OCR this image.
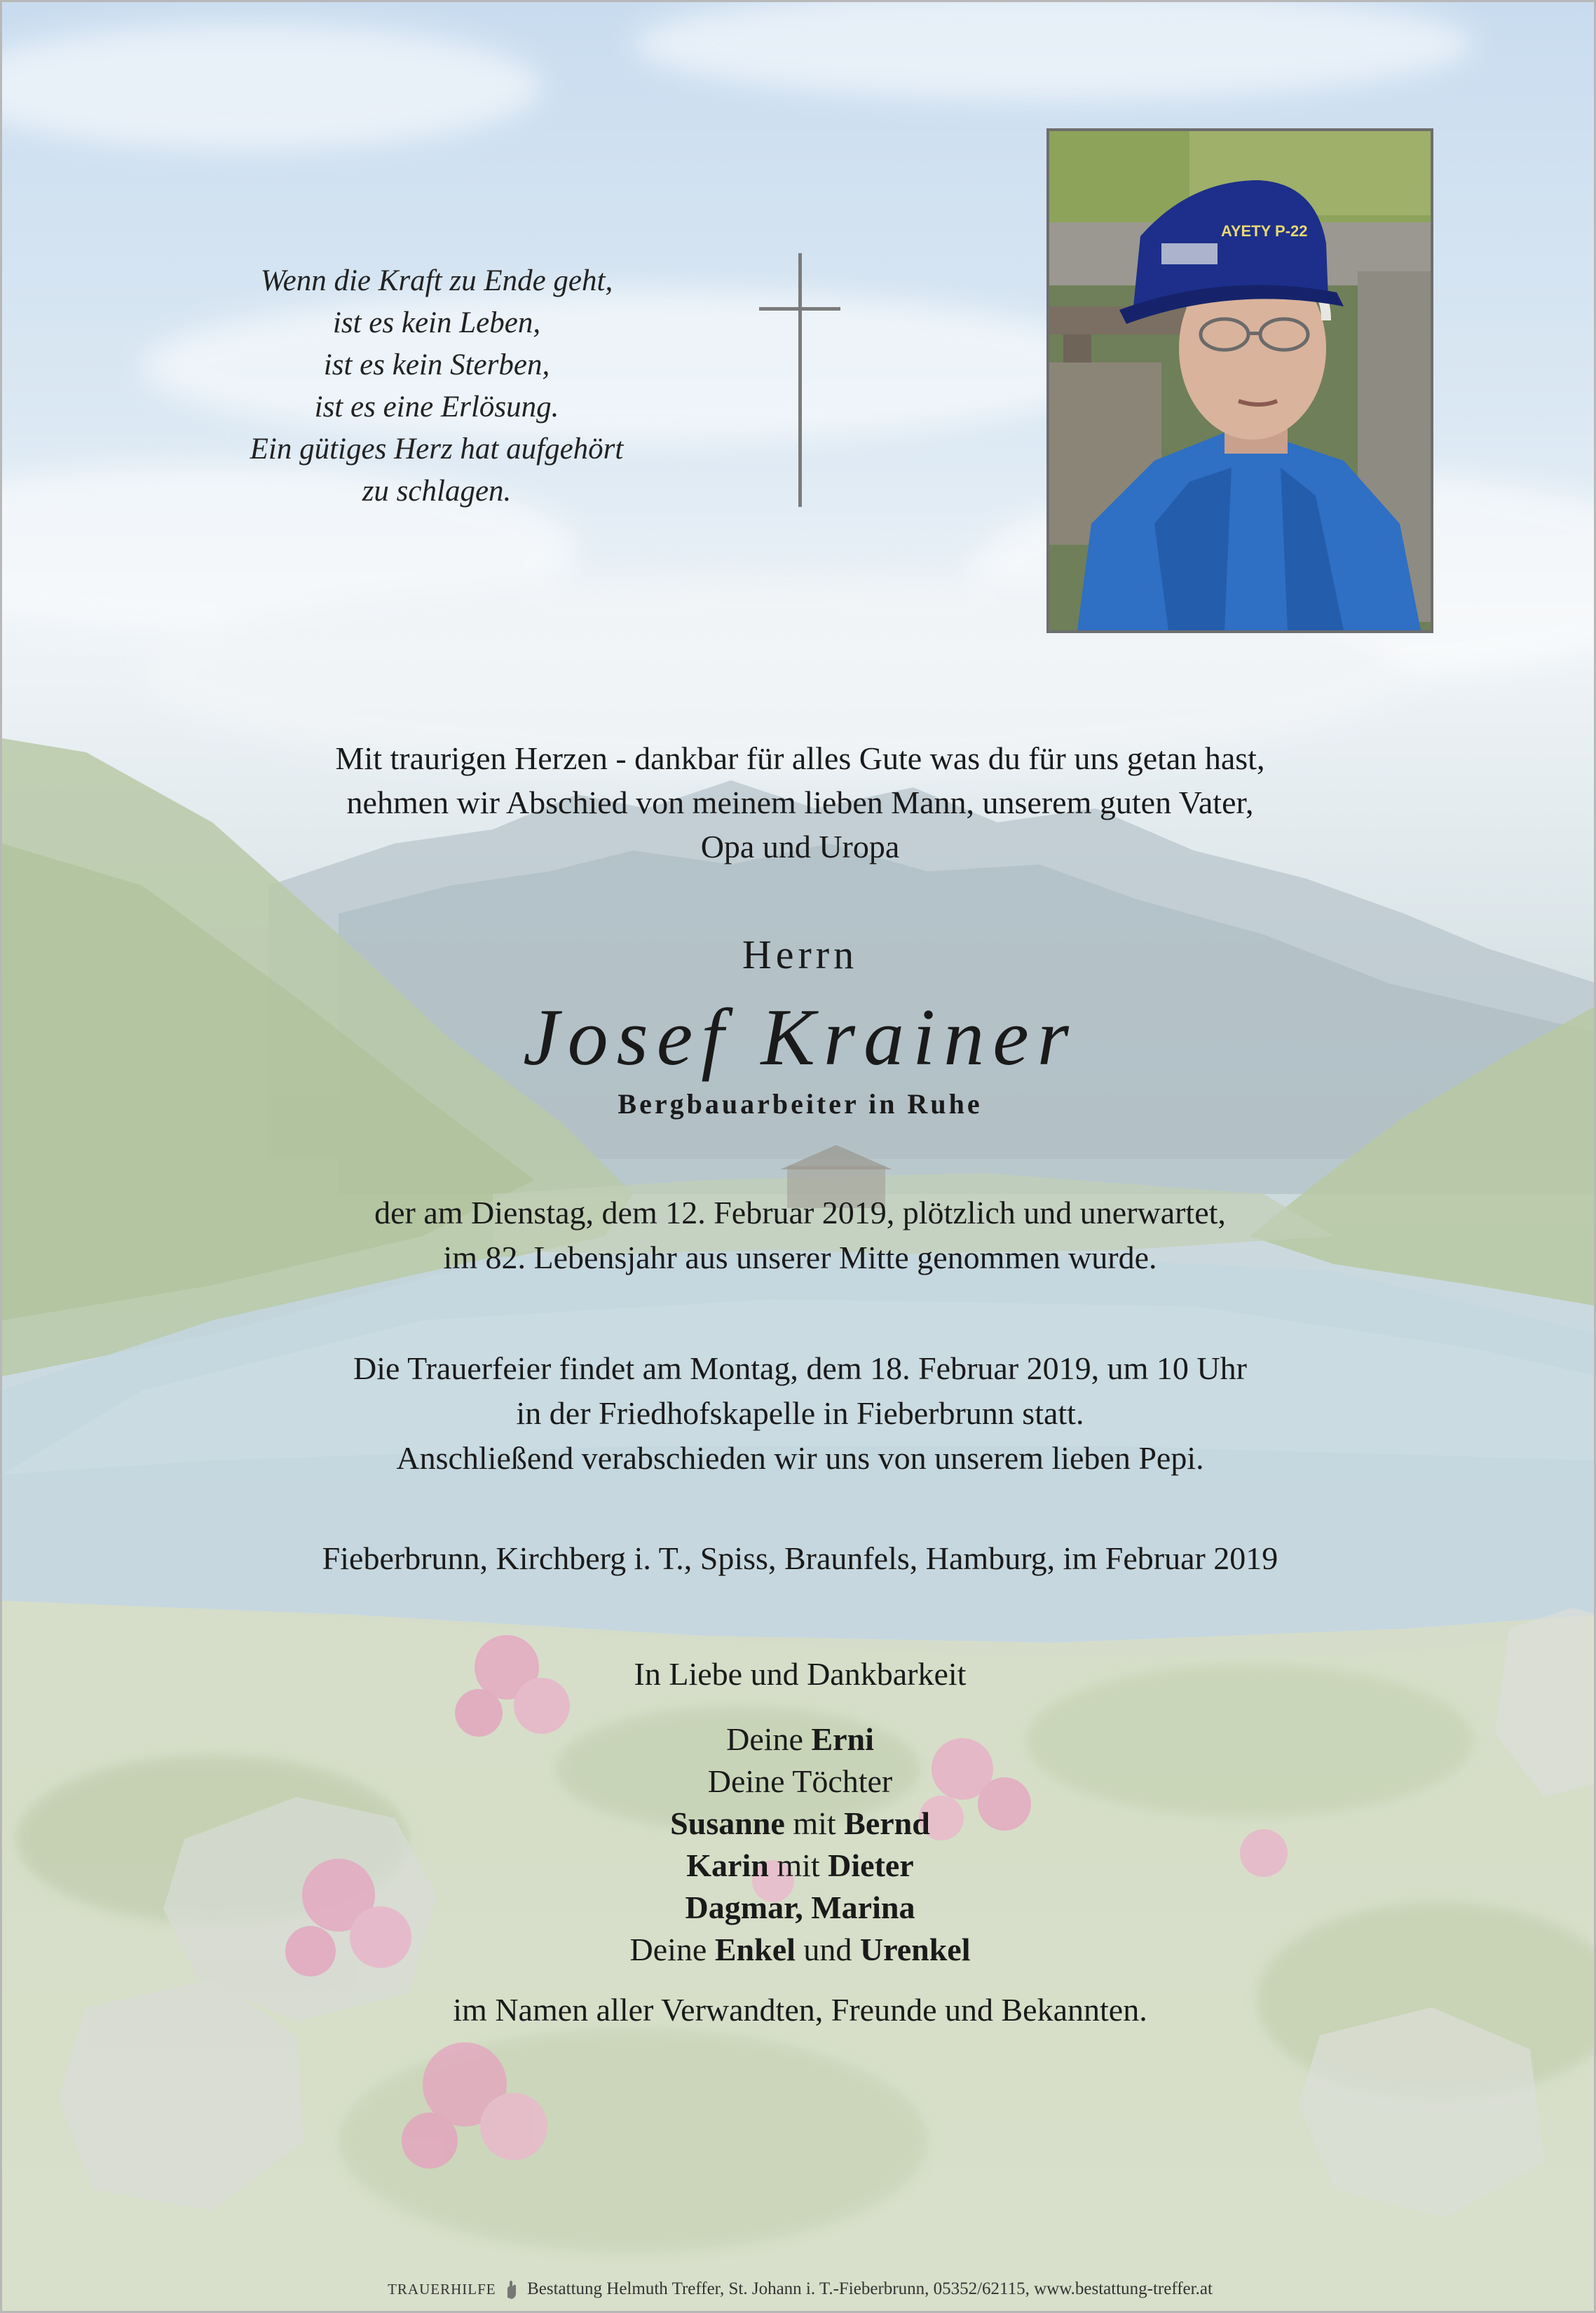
Wenn die Kraft zu Ende geht,
ist es kein Leben,
ist es kein Sterben,
ist es eine Erlösung.
Ein gütiges Herz hat aufgehört
zu schlagen.
AYETY P-22
Mit traurigen Herzen - dankbar für alles Gute was du für uns getan hast,
nehmen wir Abschied von meinem lieben Mann, unserem guten Vater,
Opa und Uropa
Herrn
Josef Krainer
Bergbauarbeiter in Ruhe
der am Dienstag, dem 12. Februar 2019, plötzlich und unerwartet,
im 82. Lebensjahr aus unserer Mitte genommen wurde.
Die Trauerfeier findet am Montag, dem 18. Februar 2019, um 10 Uhr
in der Friedhofskapelle in Fieberbrunn statt.
Anschließend verabschieden wir uns von unserem lieben Pepi.
Fieberbrunn, Kirchberg i. T., Spiss, Braunfels, Hamburg, im Februar 2019
In Liebe und Dankbarkeit
Deine Erni
Deine Töchter
Susanne mit Bernd
Karin mit Dieter
Dagmar, Marina
Deine Enkel und Urenkel
im Namen aller Verwandten, Freunde und Bekannten.
TRAUERHILFE Bestattung Helmuth Treffer, St. Johann i. T.-Fieberbrunn, 05352/62115, www.bestattung-treffer.at
